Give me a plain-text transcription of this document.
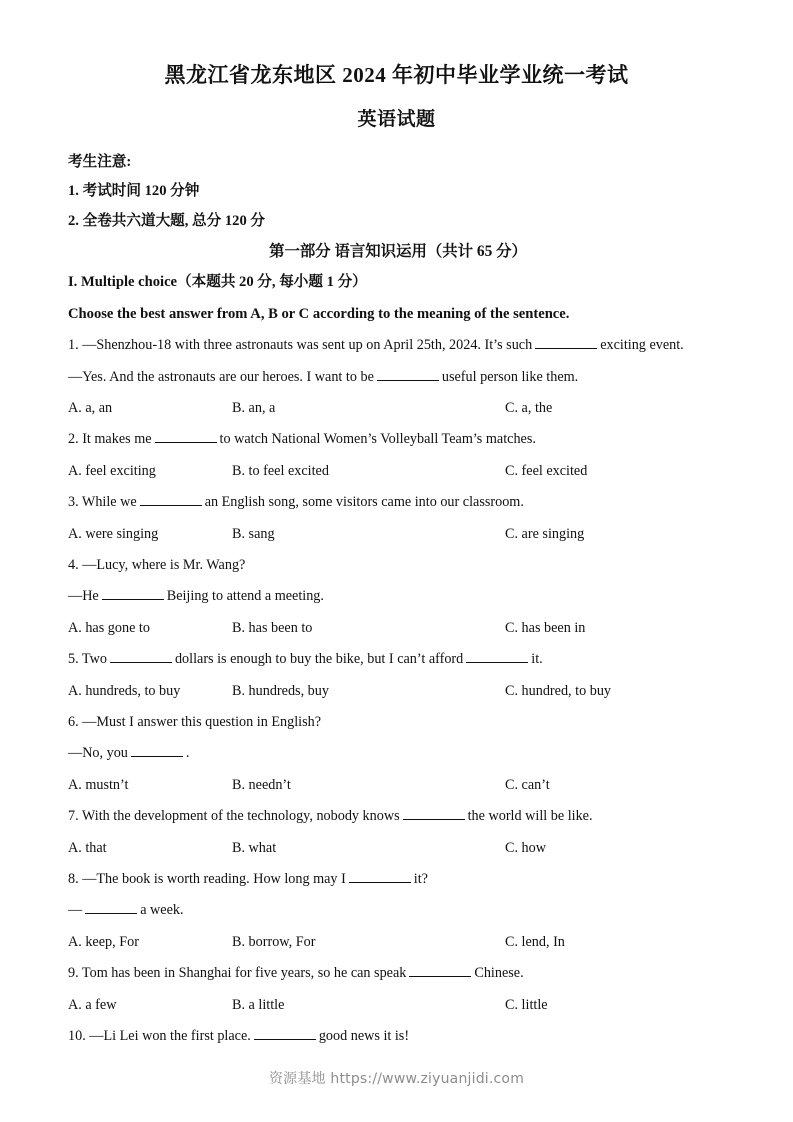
黑龙江省龙东地区 2024 年初中毕业学业统一考试
英语试题
考生注意:
1. 考试时间 120 分钟
2. 全卷共六道大题, 总分 120 分
第一部分 语言知识运用（共计 65 分）
I. Multiple choice（本题共 20 分, 每小题 1 分）
Choose the best answer from A, B or C according to the meaning of the sentence.
1. —Shenzhou-18 with three astronauts was sent up on April 25th, 2024. It’s such	exciting event.
—Yes. And the astronauts are our heroes. I want to be	useful person like them.
A. a, an	B. an, a	C. a, the
2. It makes me	to watch National Women’s Volleyball Team’s matches.
A. feel exciting	B. to feel excited	C. feel excited
3. While we	an English song, some visitors came into our classroom.
A. were singing	B. sang	C. are singing
4. —Lucy, where is Mr. Wang?
—He	Beijing to attend a meeting.
A. has gone to	B. has been to	C. has been in
5. Two	dollars is enough to buy the bike, but I can’t afford	it.
A. hundreds, to buy	B. hundreds, buy	C. hundred, to buy
6. —Must I answer this question in English?
—No, you	.
A. mustn’t	B. needn’t	C. can’t
7. With the development of the technology, nobody knows	the world will be like.
A. that	B. what	C. how
8. —The book is worth reading. How long may I	it?
—	a week.
A. keep, For	B. borrow, For	C. lend, In
9. Tom has been in Shanghai for five years, so he can speak	Chinese.
A. a few	B. a little	C. little
10. —Li Lei won the first place.	good news it is!
资源基地 https://www.ziyuanjidi.com
